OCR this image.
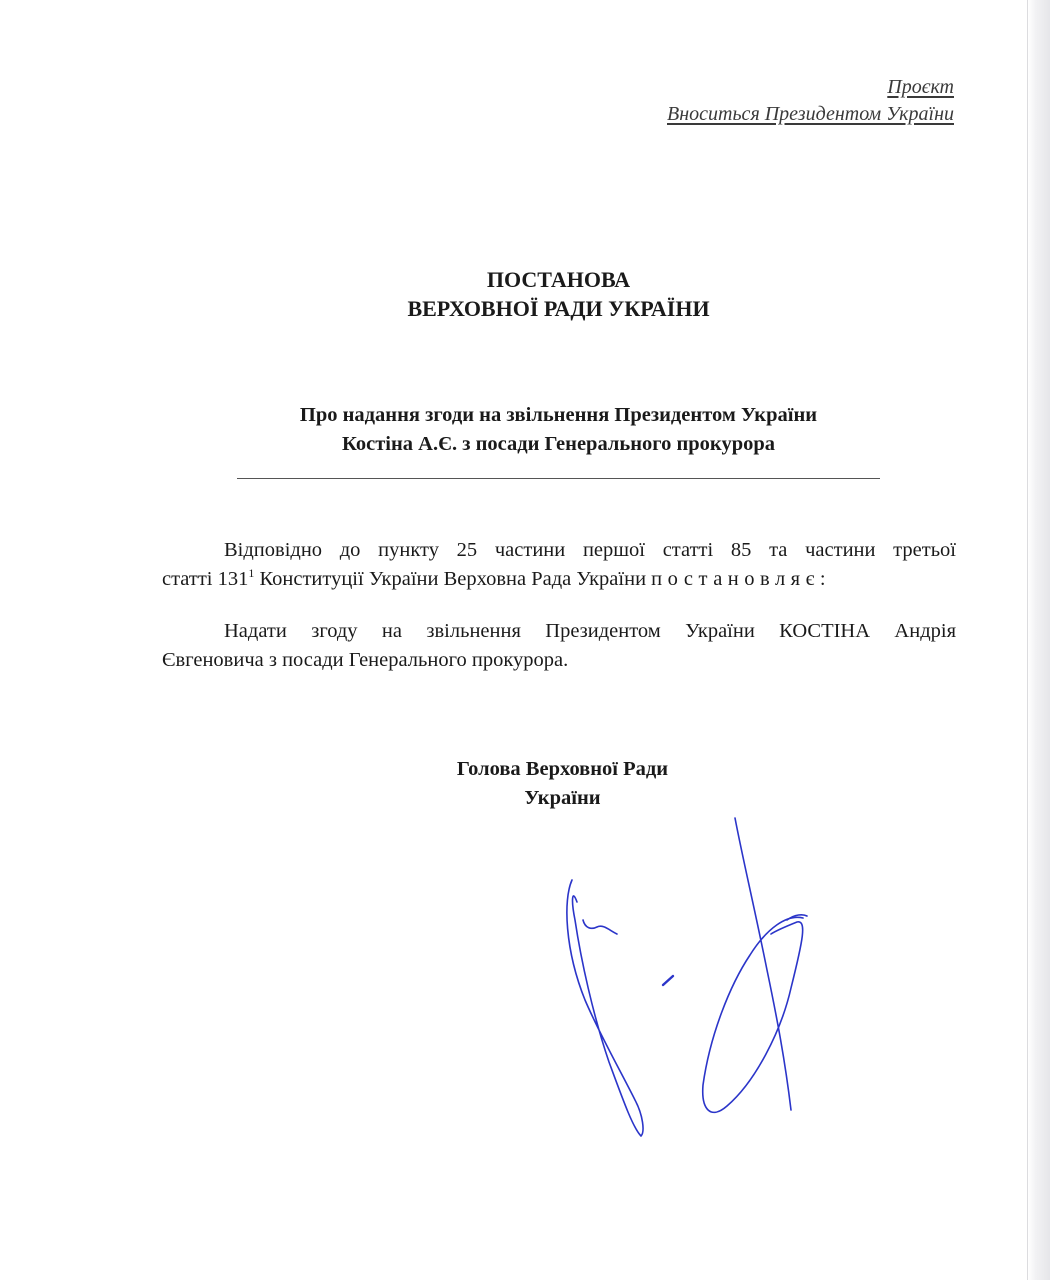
Проєкт
Вноситься Президентом України
ПОСТАНОВА
ВЕРХОВНОЇ РАДИ УКРАЇНИ
Про надання згоди на звільнення Президентом України
Костіна А.Є. з посади Генерального прокурора
Відповідно до пункту 25 частини першої статті 85 та частини третьої
статті $131^1$ Конституції України Верховна Рада України постановляє:
Надати згоду на звільнення Президентом України КОСТІНА Андрія
Євгеновича з посади Генерального прокурора.
Голова Верховної Ради
України
